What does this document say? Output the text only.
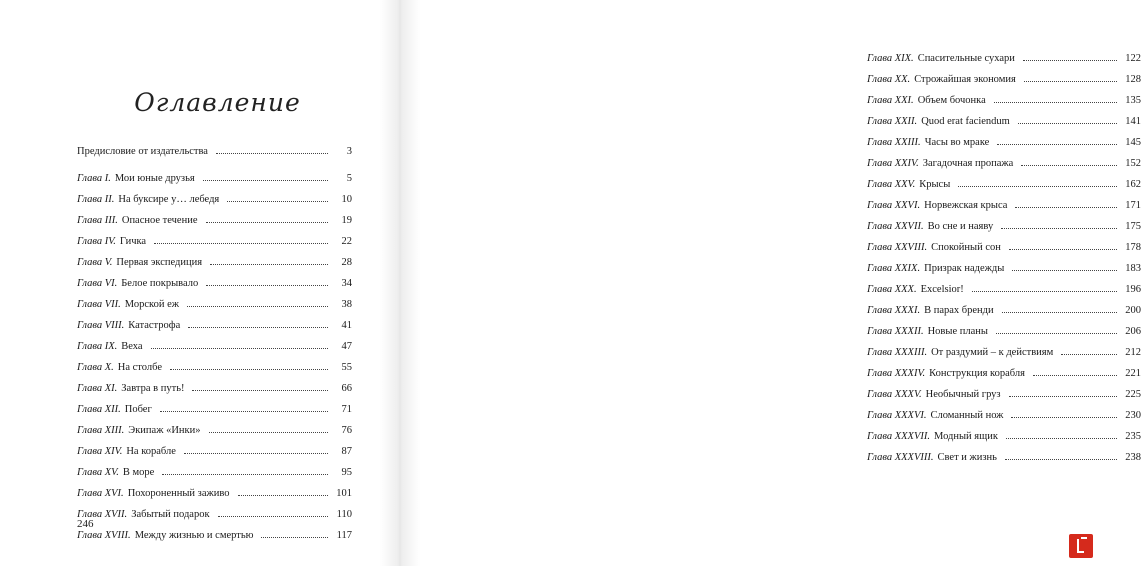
Оглавление
Предисловие от издательства	3
Глава I. Мои юные друзья	5
Глава II. На буксире у… лебедя	10
Глава III. Опасное течение	19
Глава IV. Гичка	22
Глава V. Первая экспедиция	28
Глава VI. Белое покрывало	34
Глава VII. Морской еж	38
Глава VIII. Катастрофа	41
Глава IX. Веха	47
Глава X. На столбе	55
Глава XI. Завтра в путь!	66
Глава XII. Побег	71
Глава XIII. Экипаж «Инки»	76
Глава XIV. На корабле	87
Глава XV. В море	95
Глава XVI. Похороненный заживо	101
Глава XVII. Забытый подарок	110
Глава XVIII. Между жизнью и смертью	117

246

Глава XIX. Спасительные сухари	122
Глава XX. Строжайшая экономия	128
Глава XXI. Объем бочонка	135
Глава XXII. Quod erat faciendum	141
Глава XXIII. Часы во мраке	145
Глава XXIV. Загадочная пропажа	152
Глава XXV. Крысы	162
Глава XXVI. Норвежская крыса	171
Глава XXVII. Во сне и наяву	175
Глава XXVIII. Спокойный сон	178
Глава XXIX. Призрак надежды	183
Глава XXX. Excelsior!	196
Глава XXXI. В парах бренди	200
Глава XXXII. Новые планы	206
Глава XXXIII. От раздумий – к действиям	212
Глава XXXIV. Конструкция корабля	221
Глава XXXV. Необычный груз	225
Глава XXXVI. Сломанный нож	230
Глава XXXVII. Модный ящик	235
Глава XXXVIII. Свет и жизнь	238
